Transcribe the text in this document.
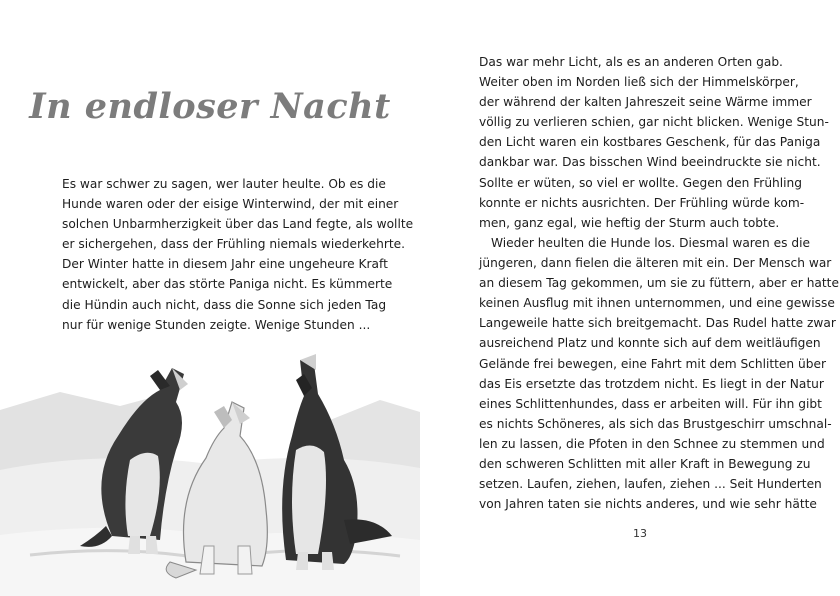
In endloser Nacht

Es war schwer zu sagen, wer lauter heulte. Ob es die
Hunde waren oder der eisige Winterwind, der mit einer
solchen Unbarmherzigkeit über das Land fegte, als wollte
er sichergehen, dass der Frühling niemals wiederkehrte.
Der Winter hatte in diesem Jahr eine ungeheure Kraft
entwickelt, aber das störte Paniga nicht. Es kümmerte
die Hündin auch nicht, dass die Sonne sich jeden Tag
nur für wenige Stunden zeigte. Wenige Stunden ...

Das war mehr Licht, als es an anderen Orten gab.
Weiter oben im Norden ließ sich der Himmelskörper,
der während der kalten Jahreszeit seine Wärme immer
völlig zu verlieren schien, gar nicht blicken. Wenige Stun-
den Licht waren ein kostbares Geschenk, für das Paniga
dankbar war. Das bisschen Wind beeindruckte sie nicht.
Sollte er wüten, so viel er wollte. Gegen den Frühling
konnte er nichts ausrichten. Der Frühling würde kom-
men, ganz egal, wie heftig der Sturm auch tobte.

Wieder heulten die Hunde los. Diesmal waren es die
jüngeren, dann fielen die älteren mit ein. Der Mensch war
an diesem Tag gekommen, um sie zu füttern, aber er hatte
keinen Ausflug mit ihnen unternommen, und eine gewisse
Langeweile hatte sich breitgemacht. Das Rudel hatte zwar
ausreichend Platz und konnte sich auf dem weitläufigen
Gelände frei bewegen, eine Fahrt mit dem Schlitten über
das Eis ersetzte das trotzdem nicht. Es liegt in der Natur
eines Schlittenhundes, dass er arbeiten will. Für ihn gibt
es nichts Schöneres, als sich das Brustgeschirr umschnal-
len zu lassen, die Pfoten in den Schnee zu stemmen und
den schweren Schlitten mit aller Kraft in Bewegung zu
setzen. Laufen, ziehen, laufen, ziehen ... Seit Hunderten
von Jahren taten sie nichts anderes, und wie sehr hätte

13
